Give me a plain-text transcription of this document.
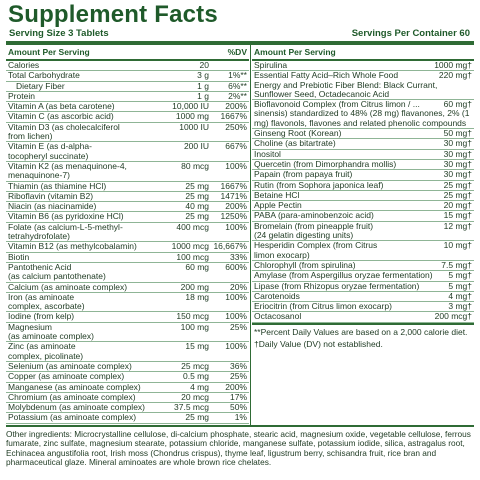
Supplement Facts
Serving Size 3 Tablets	Servings Per Container 60
Amount Per Serving	%DV
Calories	20
Total Carbohydrate	3 g	1%**
Dietary Fiber	1 g	6%**
Protein	1 g	2%**
Vitamin A (as beta carotene)	10,000 IU	200%
Vitamin C (as ascorbic acid)	1000 mg	1667%
Vitamin D3 (as cholecalciferol	1000 IU	250%
from lichen)
Vitamin E (as d-alpha-	200 IU	667%
tocopheryl succinate)
Vitamin K2 (as menaquinone-4,	80 mcg	100%
menaquinone-7)
Thiamin (as thiamine HCl)	25 mg	1667%
Riboflavin (vitamin B2)	25 mg	1471%
Niacin (as niacinamide)	40 mg	200%
Vitamin B6 (as pyridoxine HCl)	25 mg	1250%
Folate (as calcium-L-5-methyl-	400 mcg	100%
tetrahydrofolate)
Vitamin B12 (as methylcobalamin)	1000 mcg 16,667%
Biotin	100 mcg	33%
Pantothenic Acid	60 mg	600%
(as calcium pantothenate)
Calcium (as aminoate complex)	200 mg	20%
Iron (as aminoate	18 mg	100%
complex, ascorbate)
Iodine (from kelp)	150 mcg	100%
Magnesium	100 mg	25%
(as aminoate complex)
Zinc (as aminoate	15 mg	100%
complex, picolinate)
Selenium (as aminoate complex)	25 mcg	36%
Copper (as aminoate complex)	0.5 mg	25%
Manganese (as aminoate complex)	4 mg	200%
Chromium (as aminoate complex)	20 mcg	17%
Molybdenum (as aminoate complex)	37.5 mcg	50%
Potassium (as aminoate complex)	25 mg	1%
Amount Per Serving
Spirulina	1000 mg†
Essential Fatty Acid–Rich Whole Food	220 mg†
Energy and Prebiotic Fiber Blend: Black Currant, Sunflower Seed, Octadecanoic Acid
Bioflavonoid Complex (from Citrus limon / ...	60 mg†
sinensis) standardized to 48% (28 mg) flavanones, 2% (1 mg) flavonols, flavones and related phenolic compounds
Ginseng Root (Korean)	50 mg†
Choline (as bitartrate)	30 mg†
Inositol	30 mg†
Quercetin (from Dimorphandra mollis)	30 mg†
Papain (from papaya fruit)	30 mg†
Rutin (from Sophora japonica leaf)	25 mg†
Betaine HCl	25 mg†
Apple Pectin	20 mg†
PABA (para-aminobenzoic acid)	15 mg†
Bromelain (from pineapple fruit)	12 mg†
(24 gelatin digesting units)
Hesperidin Complex (from Citrus	10 mg†
limon exocarp)
Chlorophyll (from spirulina)	7.5 mg†
Amylase (from Aspergillus oryzae fermentation)	5 mg†
Lipase (from Rhizopus oryzae fermentation)	5 mg†
Carotenoids	4 mg†
Eriocitrin (from Citrus limon exocarp)	3 mg†
Octacosanol	200 mcg†
**Percent Daily Values are based on a 2,000 calorie diet.
†Daily Value (DV) not established.
Other ingredients: Microcrystalline cellulose, di-calcium phosphate, stearic acid, magnesium oxide, vegetable cellulose, ferrous fumarate, zinc sulfate, magnesium stearate, potassium chloride, manganese sulfate, potassium iodide, silica, astragalus root, Echinacea angustifolia root, Irish moss (Chondrus crispus), thyme leaf, ligustrum berry, schisandra fruit, rice bran and pharmaceutical glaze. Mineral aminoates are whole brown rice chelates.
